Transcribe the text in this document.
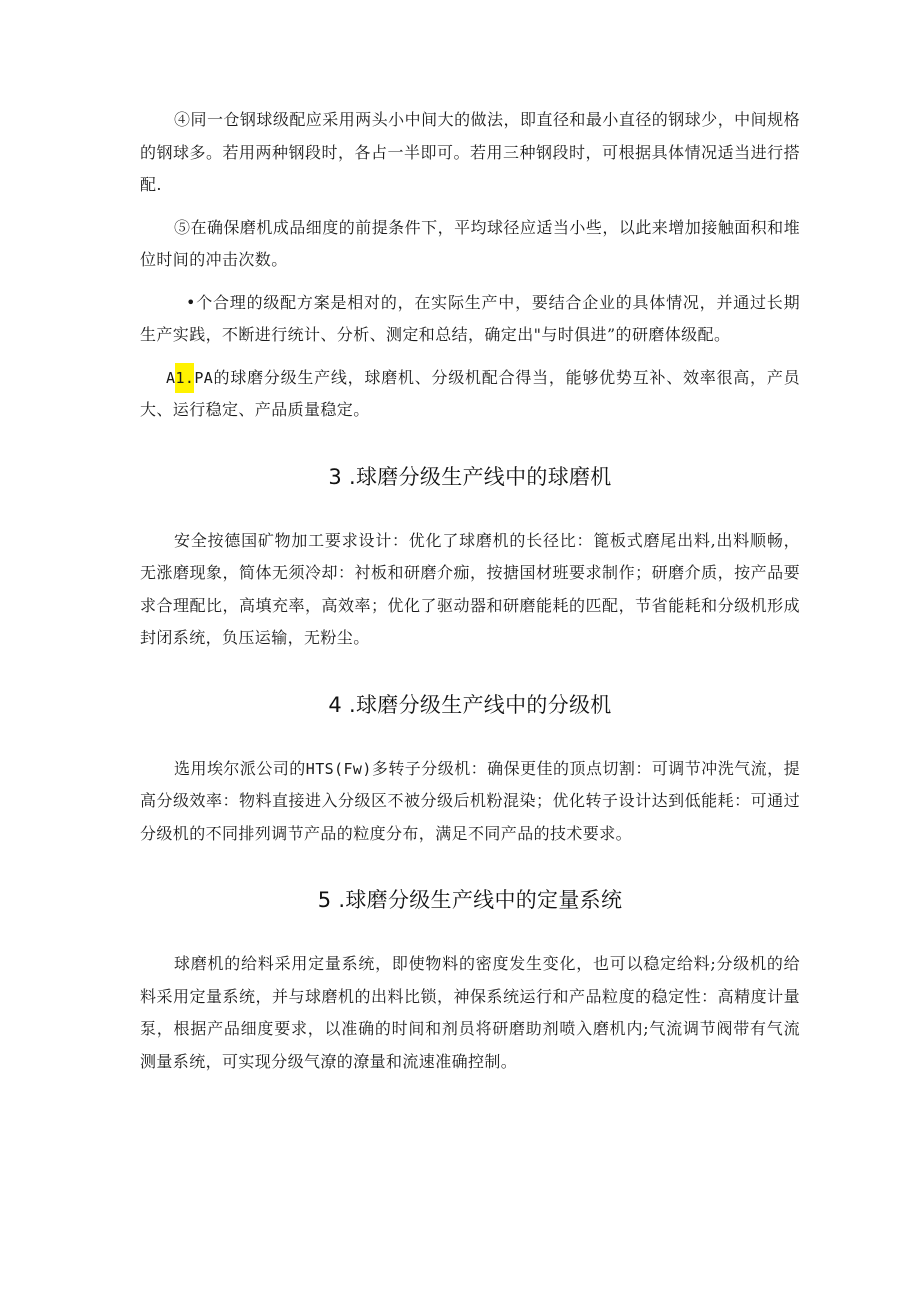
④同一仓钢球级配应采用两头小中间大的做法，即直径和最小直径的钢球少，中间规格的钢球多。若用两种钢段时，各占一半即可。若用三种钢段时，可根据具体情况适当进行搭配.

⑤在确保磨机成品细度的前提条件下，平均球径应适当小些，以此来增加接触面积和堆位时间的冲击次数。

•个合理的级配方案是相对的，在实际生产中，要结合企业的具体情况，并通过长期生产实践，不断进行统计、分析、测定和总结，确定出"与时俱进”的研磨体级配。

A1.PA的球磨分级生产线，球磨机、分级机配合得当，能够优势互补、效率很高，产员大、运行稳定、产品质量稳定。

3 .球磨分级生产线中的球磨机

安全按德国矿物加工要求设计：优化了球磨机的长径比：篦板式磨尾出料,出料顺畅，无涨磨现象，简体无须冷却：衬板和研磨介痂，按搪国材班要求制作；研磨介质，按产品要求合理配比，高填充率，高效率；优化了驱动器和研磨能耗的匹配，节省能耗和分级机形成封闭系统，负压运输，无粉尘。

4 .球磨分级生产线中的分级机

选用埃尔派公司的HTS(Fw)多转子分级机：确保更佳的顶点切割：可调节冲洗气流，提高分级效率：物料直接进入分级区不被分级后机粉混染；优化转子设计达到低能耗：可通过分级机的不同排列调节产品的粒度分布，满足不同产品的技术要求。

5 .球磨分级生产线中的定量系统

球磨机的给料采用定量系统，即使物料的密度发生变化，也可以稳定给料;分级机的给料采用定量系统，并与球磨机的出料比锁，神保系统运行和产品粒度的稳定性：高精度计量泵，根据产品细度要求，以准确的时间和剂员将研磨助剂喷入磨机内;气流调节阀带有气流测量系统，可实现分级气潦的潦量和流速准确控制。
